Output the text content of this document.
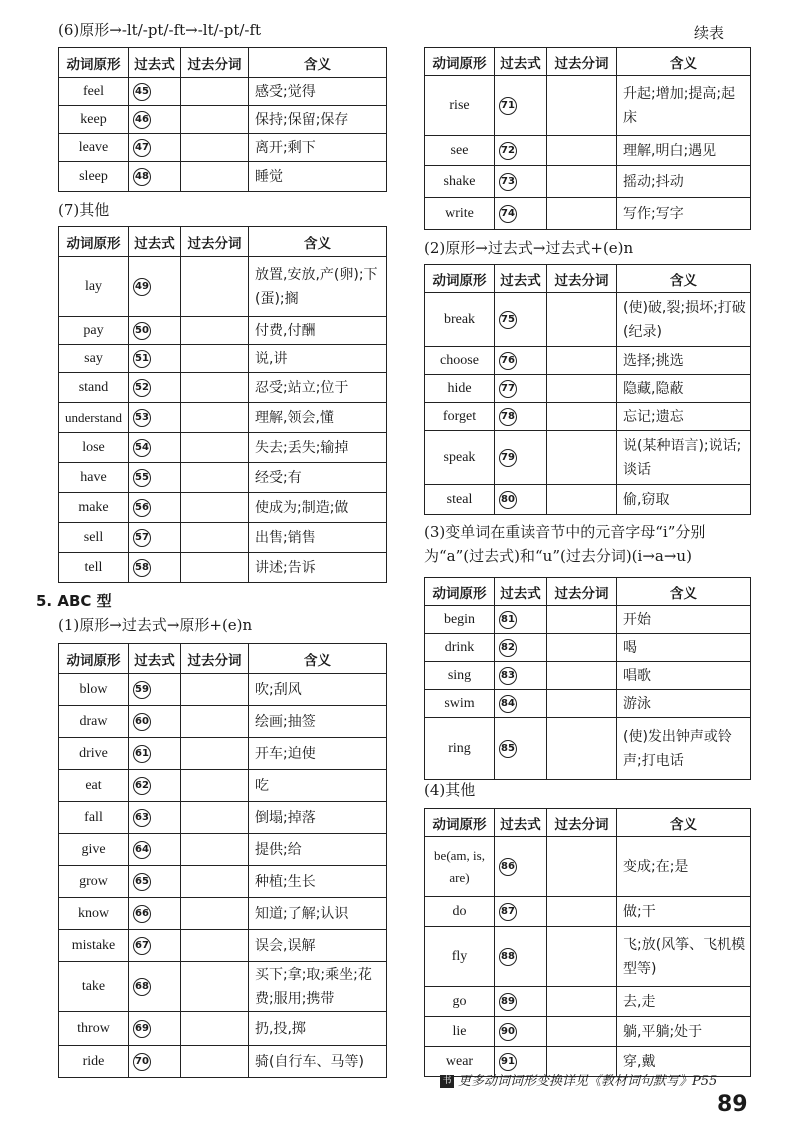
(6)原形→-lt/-pt/-ft→-lt/-pt/-ft
动词原形	过去式	过去分词	含义
feel	45		感受;觉得
keep	46		保持;保留;保存
leave	47		离开;剩下
sleep	48		睡觉
(7)其他
动词原形	过去式	过去分词	含义
lay	49		放置,安放,产(卵);下(蛋);搁
pay	50		付费,付酬
say	51		说,讲
stand	52		忍受;站立;位于
understand	53		理解,领会,懂
lose	54		失去;丢失;输掉
have	55		经受;有
make	56		使成为;制造;做
sell	57		出售;销售
tell	58		讲述;告诉
5. ABC 型
(1)原形→过去式→原形+(e)n
动词原形	过去式	过去分词	含义
blow	59		吹;刮风
draw	60		绘画;抽签
drive	61		开车;迫使
eat	62		吃
fall	63		倒塌;掉落
give	64		提供;给
grow	65		种植;生长
know	66		知道;了解;认识
mistake	67		误会,误解
take	68		买下;拿;取;乘坐;花费;服用;携带
throw	69		扔,投,掷
ride	70		骑(自行车、马等)
续表
动词原形	过去式	过去分词	含义
rise	71		升起;增加;提高;起床
see	72		理解,明白;遇见
shake	73		摇动;抖动
write	74		写作;写字
(2)原形→过去式→过去式+(e)n
动词原形	过去式	过去分词	含义
break	75		(使)破,裂;损坏;打破(纪录)
choose	76		选择;挑选
hide	77		隐藏,隐蔽
forget	78		忘记;遗忘
speak	79		说(某种语言);说话;谈话
steal	80		偷,窃取
(3)变单词在重读音节中的元音字母“i”分别为“a”(过去式)和“u”(过去分词)(i→a→u)
动词原形	过去式	过去分词	含义
begin	81		开始
drink	82		喝
sing	83		唱歌
swim	84		游泳
ring	85		(使)发出钟声或铃声;打电话
(4)其他
动词原形	过去式	过去分词	含义
be(am, is, are)	86		变成;在;是
do	87		做;干
fly	88		飞;放(风筝、飞机模型等)
go	89		去,走
lie	90		躺,平躺;处于
wear	91		穿,戴
书 更多动词词形变换详见《教材词句默写》P55
89
